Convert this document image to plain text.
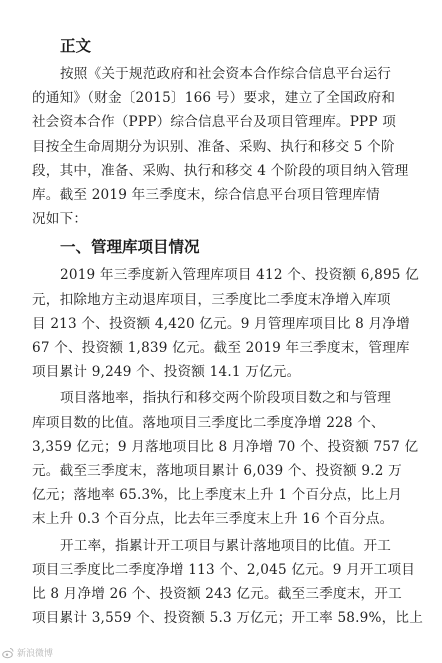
正文
按照《关于规范政府和社会资本合作综合信息平台运行
的通知》（财金〔2015〕166 号）要求，建立了全国政府和
社会资本合作（PPP）综合信息平台及项目管理库。PPP 项
目按全生命周期分为识别、准备、采购、执行和移交 5 个阶
段，其中，准备、采购、执行和移交 4 个阶段的项目纳入管理
库。截至 2019 年三季度末，综合信息平台项目管理库情
况如下：
一、管理库项目情况
2019 年三季度新入管理库项目 412 个、投资额 6,895 亿
元，扣除地方主动退库项目，三季度比二季度末净增入库项
目 213 个、投资额 4,420 亿元。9 月管理库项目比 8 月净增
67 个、投资额 1,839 亿元。截至 2019 年三季度末，管理库
项目累计 9,249 个、投资额 14.1 万亿元。
项目落地率，指执行和移交两个阶段项目数之和与管理
库项目数的比值。落地项目三季度比二季度净增 228 个、
3,359 亿元；9 月落地项目比 8 月净增 70 个、投资额 757 亿
元。截至三季度末，落地项目累计 6,039 个、投资额 9.2 万
亿元；落地率 65.3%，比上季度末上升 1 个百分点，比上月
末上升 0.3 个百分点，比去年三季度末上升 16 个百分点。
开工率，指累计开工项目与累计落地项目的比值。开工
项目三季度比二季度净增 113 个、2,045 亿元。9 月开工项目
比 8 月净增 26 个、投资额 243 亿元。截至三季度末，开工
项目累计 3,559 个、投资额 5.3 万亿元；开工率 58.9%，比上
新浪微博
